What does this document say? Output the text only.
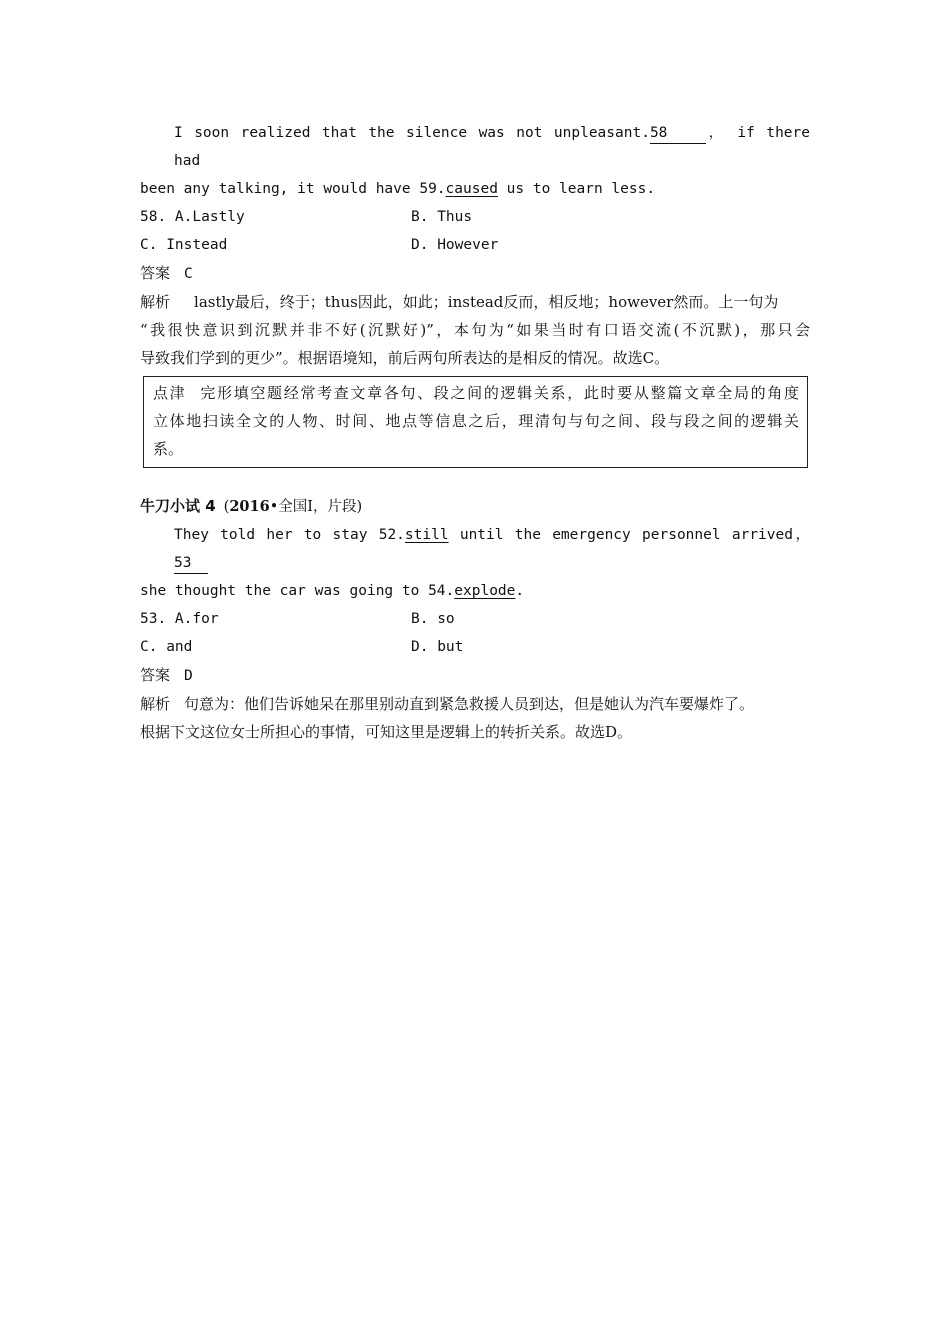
I soon realized that the silence was not unpleasant.58	， if there had
been any talking, it would have 59.caused us to learn less.
58. A.Lastly	B. Thus
C. Instead	D. However
答案 C
解析 lastly最后，终于；thus因此，如此；instead反而，相反地；however然而。上一句为
“我很快意识到沉默并非不好(沉默好)”，本句为“如果当时有口语交流(不沉默)，那只会
导致我们学到的更少”。根据语境知，前后两句所表达的是相反的情况。故选C。
点津 完形填空题经常考查文章各句、段之间的逻辑关系，此时要从整篇文章全局的角度
立体地扫读全文的人物、时间、地点等信息之后，理清句与句之间、段与段之间的逻辑关
系。
牛刀小试 4 (2016•全国Ⅰ，片段)
They told her to stay 52.still until the emergency personnel arrived，53
she thought the car was going to 54.explode.
53. A.for	B. so
C. and	D. but
答案 D
解析 句意为：他们告诉她呆在那里别动直到紧急救援人员到达，但是她认为汽车要爆炸了。
根据下文这位女士所担心的事情，可知这里是逻辑上的转折关系。故选D。
